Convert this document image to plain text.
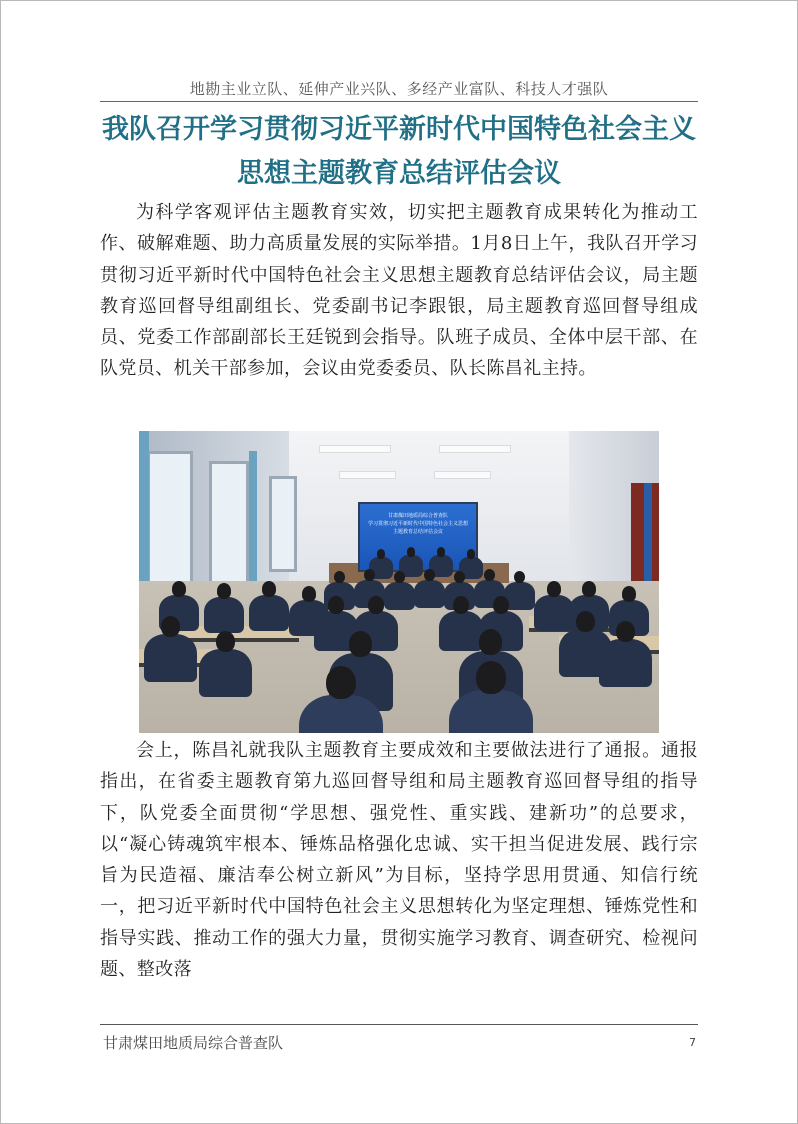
地勘主业立队、延伸产业兴队、多经产业富队、科技人才强队
我队召开学习贯彻习近平新时代中国特色社会主义思想主题教育总结评估会议

为科学客观评估主题教育实效，切实把主题教育成果转化为推动工作、破解难题、助力高质量发展的实际举措。1月8日上午，我队召开学习贯彻习近平新时代中国特色社会主义思想主题教育总结评估会议，局主题教育巡回督导组副组长、党委副书记李跟银，局主题教育巡回督导组成员、党委工作部副部长王廷锐到会指导。队班子成员、全体中层干部、在队党员、机关干部参加，会议由党委委员、队长陈昌礼主持。

甘肃煤田地质局综合普查队
学习贯彻习近平新时代中国特色社会主义思想
主题教育总结评估会议

会上，陈昌礼就我队主题教育主要成效和主要做法进行了通报。通报指出，在省委主题教育第九巡回督导组和局主题教育巡回督导组的指导下，队党委全面贯彻“学思想、强党性、重实践、建新功”的总要求，以“凝心铸魂筑牢根本、锤炼品格强化忠诚、实干担当促进发展、践行宗旨为民造福、廉洁奉公树立新风”为目标，坚持学思用贯通、知信行统一，把习近平新时代中国特色社会主义思想转化为坚定理想、锤炼党性和指导实践、推动工作的强大力量，贯彻实施学习教育、调查研究、检视问题、整改落

甘肃煤田地质局综合普查队	7
